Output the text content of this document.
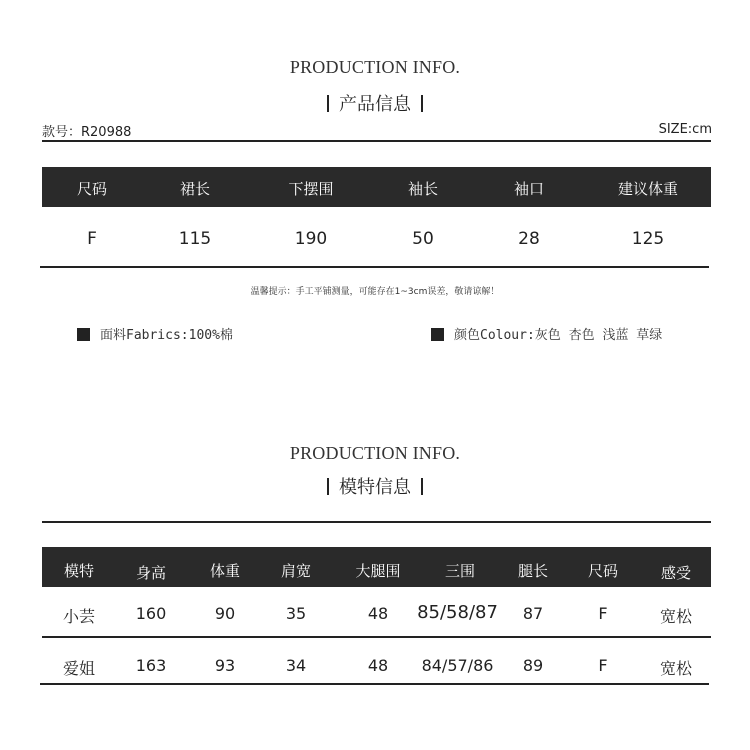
PRODUCTION INFO.
产品信息
款号：R20988	SIZE:cm
尺码	裙长	下摆围	袖长	袖口	建议体重
F	115	190	50	28	125
温馨提示：手工平铺测量，可能存在1~3cm误差，敬请谅解！
面料Fabrics:100%棉	颜色Colour:灰色 杏色 浅蓝 草绿
PRODUCTION INFO.
模特信息
模特	身高	体重	肩宽	大腿围	三围	腿长	尺码	感受
小芸	160	90	35	48	85/58/87	87	F	宽松
爱姐	163	93	34	48	84/57/86	89	F	宽松
